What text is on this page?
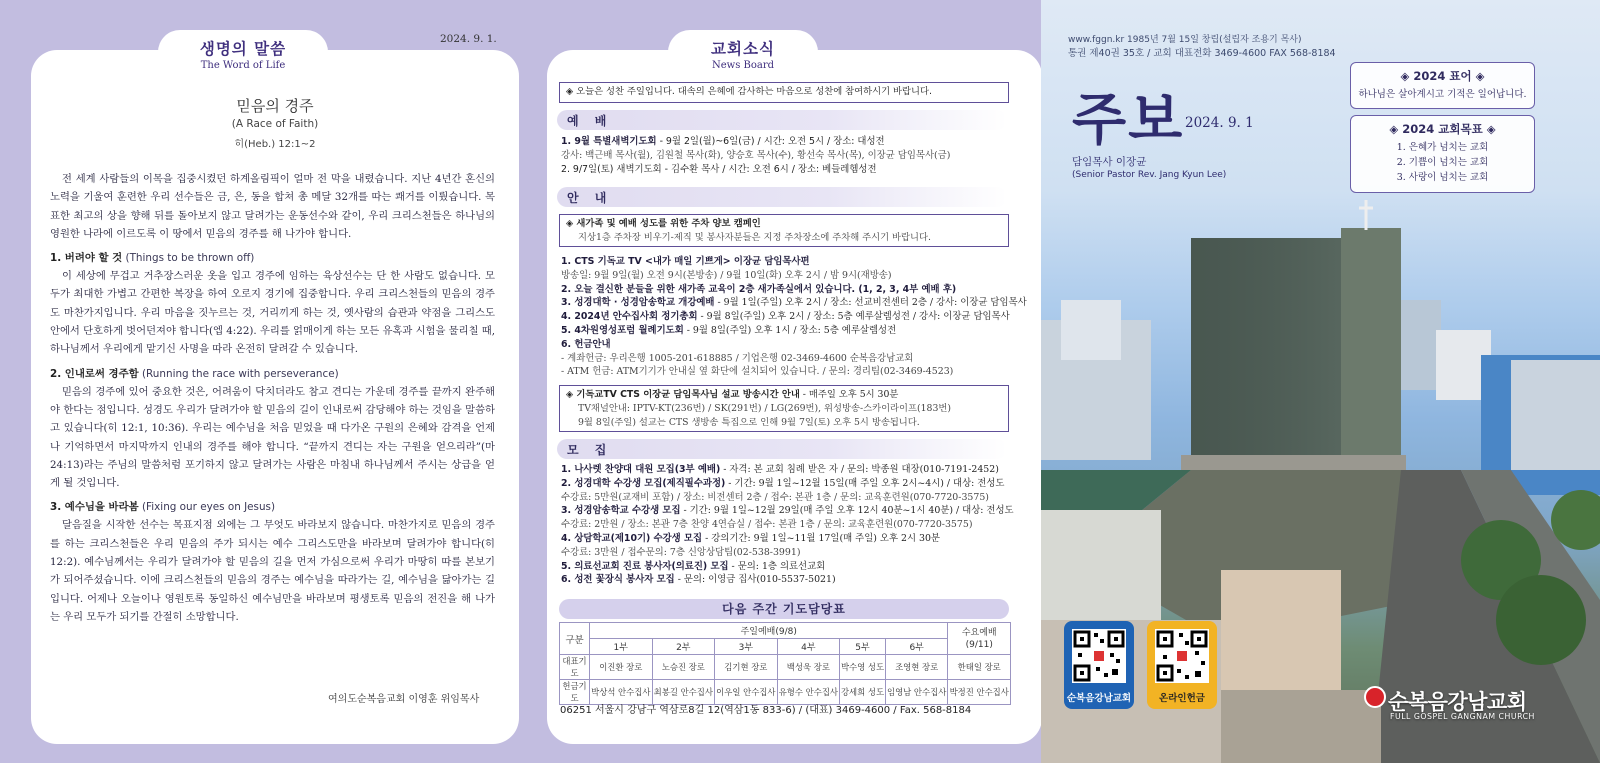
생명의 말씀
The Word of Life
2024. 9. 1.
믿음의 경주
(A Race of Faith)
히(Heb.) 12:1~2

전 세계 사람들의 이목을 집중시켰던 하계올림픽이 얼마 전 막을 내렸습니다. 지난 4년간 혼신의 노력을 기울여 훈련한 우리 선수들은 금, 은, 동을 합쳐 총 메달 32개를 따는 쾌거를 이뤘습니다. 목표한 최고의 상을 향해 뒤를 돌아보지 않고 달려가는 운동선수와 같이, 우리 크리스천들은 하나님의 영원한 나라에 이르도록 이 땅에서 믿음의 경주를 해 나가야 합니다.

1. 버려야 할 것 (Things to be thrown off)

이 세상에 무겁고 거추장스러운 옷을 입고 경주에 임하는 육상선수는 단 한 사람도 없습니다. 모두가 최대한 가볍고 간편한 복장을 하여 오로지 경기에 집중합니다. 우리 크리스천들의 믿음의 경주도 마찬가지입니다. 우리 마음을 짓누르는 것, 거리끼게 하는 것, 옛사람의 습관과 약점을 그리스도 안에서 단호하게 벗어던져야 합니다(엡 4:22). 우리를 얽매이게 하는 모든 유혹과 시험을 물리칠 때, 하나님께서 우리에게 맡기신 사명을 따라 온전히 달려갈 수 있습니다.

2. 인내로써 경주함 (Running the race with perseverance)

믿음의 경주에 있어 중요한 것은, 어려움이 닥치더라도 참고 견디는 가운데 경주를 끝까지 완주해야 한다는 점입니다. 성경도 우리가 달려가야 할 믿음의 길이 인내로써 감당해야 하는 것임을 말씀하고 있습니다(히 12:1, 10:36). 우리는 예수님을 처음 믿었을 때 다가온 구원의 은혜와 감격을 언제나 기억하면서 마지막까지 인내의 경주를 해야 합니다. “끝까지 견디는 자는 구원을 얻으리라”(마 24:13)라는 주님의 말씀처럼 포기하지 않고 달려가는 사람은 마침내 하나님께서 주시는 상급을 얻게 될 것입니다.

3. 예수님을 바라봄 (Fixing our eyes on Jesus)

달음질을 시작한 선수는 목표지점 외에는 그 무엇도 바라보지 않습니다. 마찬가지로 믿음의 경주를 하는 크리스천들은 우리 믿음의 주가 되시는 예수 그리스도만을 바라보며 달려가야 합니다(히 12:2). 예수님께서는 우리가 달려가야 할 믿음의 길을 먼저 가심으로써 우리가 마땅히 따를 본보기가 되어주셨습니다. 이에 크리스천들의 믿음의 경주는 예수님을 따라가는 길, 예수님을 닮아가는 길입니다. 어제나 오늘이나 영원토록 동일하신 예수님만을 바라보며 평생토록 믿음의 전진을 해 나가는 우리 모두가 되기를 간절히 소망합니다.

여의도순복음교회 이영훈 위임목사
교회소식
News Board
◈ 오늘은 성찬 주일입니다. 대속의 은혜에 감사하는 마음으로 성찬에 참여하시기 바랍니다.
예 배
1. 9월 특별새벽기도회 - 9월 2일(월)~6일(금) / 시간: 오전 5시 / 장소: 대성전
강사: 백근배 목사(월), 김원철 목사(화), 양승호 목사(수), 황선숙 목사(목), 이장균 담임목사(금)
2. 9/7일(토) 새벽기도회 - 김수환 목사 / 시간: 오전 6시 / 장소: 베들레헴성전
안 내
◈ 새가족 및 예배 성도를 위한 주차 양보 캠페인
지상1층 주차장 비우기-제직 및 봉사자분들은 지정 주차장소에 주차해 주시기 바랍니다.
1. CTS 기독교 TV <내가 매일 기쁘게> 이장균 담임목사편
방송일: 9월 9일(월) 오전 9시(본방송) / 9월 10일(화) 오후 2시 / 밤 9시(재방송)
2. 오늘 결신한 분들을 위한 새가족 교육이 2층 새가족실에서 있습니다. (1, 2, 3, 4부 예배 후)
3. 성경대학 · 성경암송학교 개강예배 - 9월 1일(주일) 오후 2시 / 장소: 선교비전센터 2층 / 강사: 이장균 담임목사
4. 2024년 안수집사회 정기총회 - 9월 8일(주일) 오후 2시 / 장소: 5층 예루살렘성전 / 강사: 이장균 담임목사
5. 4차원영성포럼 월례기도회 - 9월 8일(주일) 오후 1시 / 장소: 5층 예루살렘성전
6. 헌금안내
- 계좌헌금: 우리은행 1005-201-618885 / 기업은행 02-3469-4600 순복음강남교회
- ATM 헌금: ATM기기가 안내실 옆 화단에 설치되어 있습니다. / 문의: 경리팀(02-3469-4523)
◈ 기독교TV CTS 이장균 담임목사님 설교 방송시간 안내 - 매주일 오후 5시 30분
TV채널안내: IPTV-KT(236번) / SK(291번) / LG(269번), 위성방송-스카이라이프(183번)
9월 8일(주일) 설교는 CTS 생방송 특집으로 인해 9월 7일(토) 오후 5시 방송됩니다.
모 집
1. 나사렛 찬양대 대원 모집(3부 예배) - 자격: 본 교회 침례 받은 자 / 문의: 박종원 대장(010-7191-2452)
2. 성경대학 수강생 모집(제직필수과정) - 기간: 9월 1일~12월 15일(매 주일 오후 2시~4시) / 대상: 전성도
수강료: 5만원(교재비 포함) / 장소: 비전센터 2층 / 접수: 본관 1층 / 문의: 교육훈련원(070-7720-3575)
3. 성경암송학교 수강생 모집 - 기간: 9월 1일~12월 29일(매 주일 오후 12시 40분~1시 40분) / 대상: 전성도
수강료: 2만원 / 장소: 본관 7층 찬양 4연습실 / 접수: 본관 1층 / 문의: 교육훈련원(070-7720-3575)
4. 상담학교(제10기) 수강생 모집 - 강의기간: 9월 1일~11월 17일(매 주일) 오후 2시 30분
수강료: 3만원 / 접수문의: 7층 신앙상담팀(02-538-3991)
5. 의료선교회 진료 봉사자(의료진) 모집 - 문의: 1층 의료선교회
6. 성전 꽃장식 봉사자 모집 - 문의: 이영금 집사(010-5537-5021)
다음 주간 기도담당표
구분	주일예배(9/8)						수요예배
(9/11)
	1부	2부	3부	4부	5부	6부	
대표기도	이진환 장로	노승진 장로	김기현 장로	백성욱 장로	박수영 성도	조영현 장로	한태일 장로
헌금기도	박상석 안수집사	최봉길 안수집사	이우일 안수집사	유형수 안수집사	강세희 성도	임영남 안수집사	박정진 안수집사
06251 서울시 강남구 역삼로8길 12(역삼1동 833-6) / (대표) 3469-4600 / Fax. 568-8184
www.fggn.kr 1985년 7월 15일 창립(설립자 조용기 목사)
통권 제40권 35호 / 교회 대표전화 3469-4600 FAX 568-8184
주보 2024. 9. 1
담임목사 이장균
(Senior Pastor Rev. Jang Kyun Lee)
◈ 2024 표어 ◈
하나님은 살아계시고 기적은 일어납니다.
◈ 2024 교회목표 ◈
1. 은혜가 넘치는 교회
2. 기쁨이 넘치는 교회
3. 사랑이 넘치는 교회
순복음강남교회	온라인헌금	순복음강남교회
FULL GOSPEL GANGNAM CHURCH
